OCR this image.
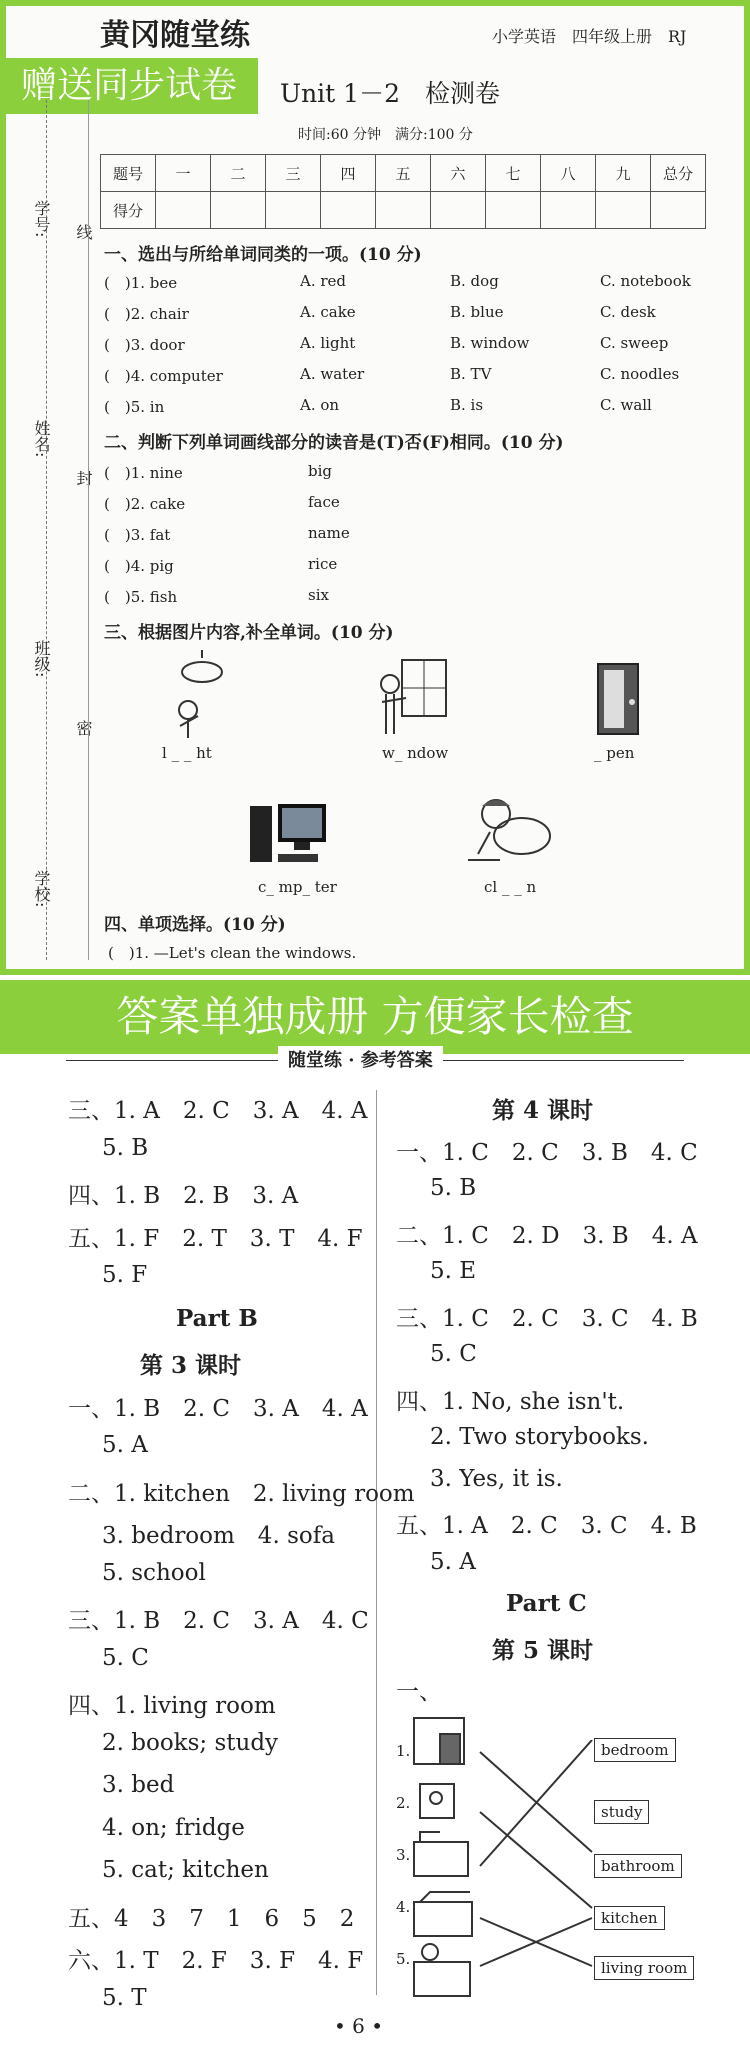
黄冈随堂练	小学英语　四年级上册　RJ
赠送同步试卷	Unit 1－2　检测卷
时间:60 分钟　满分:100 分
学号: 线
姓名:
封
班级:
密
学校:
题号	一	二	三	四	五	六	七	八	九	总分
得分										
一、选出与所给单词同类的一项。(10 分)
(　)1. bee	A. red	B. dog	C. notebook
(　)2. chair	A. cake	B. blue	C. desk
(　)3. door	A. light	B. window	C. sweep
(　)4. computer	A. water	B. TV	C. noodles
(　)5. in	A. on	B. is	C. wall
二、判断下列单词画线部分的读音是(T)否(F)相同。(10 分)
(　)1. nine	big
(　)2. cake	face
(　)3. fat	name
(　)4. pig	rice
(　)5. fish	six
三、根据图片内容,补全单词。(10 分)
l _ _ ht	w_ ndow	_ pen
c_ mp_ ter	cl _ _ n
四、单项选择。(10 分)
(　)1. —Let's clean the windows.
答案单独成册 方便家长检查
随堂练 · 参考答案
三、1. A　2. C　3. A　4. A
5. B
四、1. B　2. B　3. A
五、1. F　2. T　3. T　4. F
5. F
Part B
第 3 课时
一、1. B　2. C　3. A　4. A
5. A
二、1. kitchen　2. living room
3. bedroom　4. sofa
5. school
三、1. B　2. C　3. A　4. C
5. C
四、1. living room
2. books; study
3. bed
4. on; fridge
5. cat; kitchen
五、4　3　7　1　6　5　2
六、1. T　2. F　3. F　4. F
5. T
第 4 课时
一、1. C　2. C　3. B　4. C
5. B
二、1. C　2. D　3. B　4. A
5. E
三、1. C　2. C　3. C　4. B
5. C
四、1. No, she isn't.
2. Two storybooks.
3. Yes, it is.
五、1. A　2. C　3. C　4. B
5. A
Part C
第 5 课时
一、
1.
2.
3.
4.
5.
bedroom
study
bathroom
kitchen
living room
• 6 •
